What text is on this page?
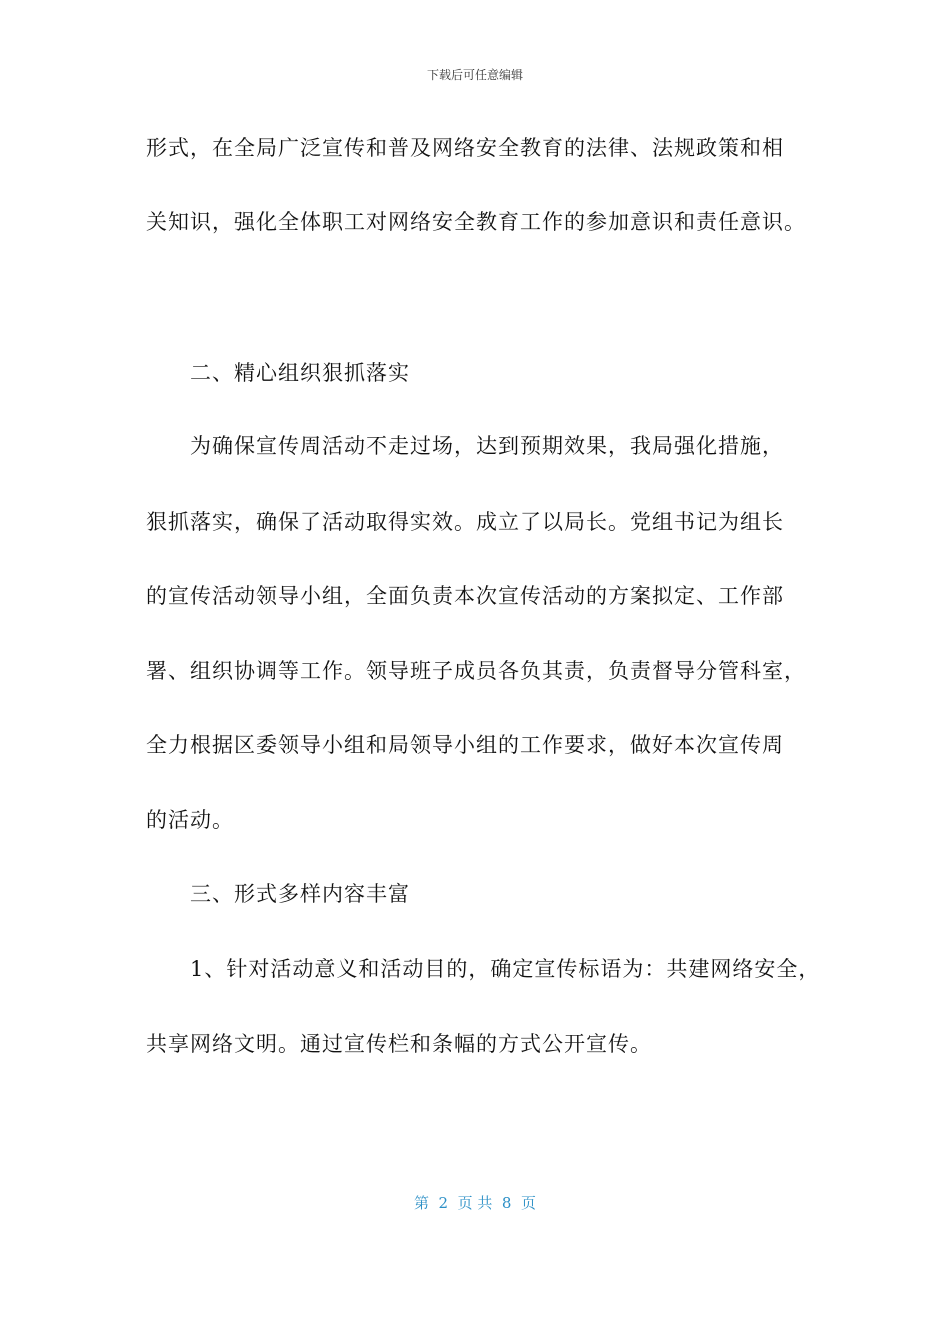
下载后可任意编辑
形式，在全局广泛宣传和普及网络安全教育的法律、法规政策和相
关知识，强化全体职工对网络安全教育工作的参加意识和责任意识。
二、精心组织狠抓落实
为确保宣传周活动不走过场，达到预期效果，我局强化措施，
狠抓落实，确保了活动取得实效。成立了以局长。党组书记为组长
的宣传活动领导小组，全面负责本次宣传活动的方案拟定、工作部
署、组织协调等工作。领导班子成员各负其责，负责督导分管科室，
全力根据区委领导小组和局领导小组的工作要求，做好本次宣传周
的活动。
三、形式多样内容丰富
1、针对活动意义和活动目的，确定宣传标语为：共建网络安全，
共享网络文明。通过宣传栏和条幅的方式公开宣传。
第  2  页 共  8  页
